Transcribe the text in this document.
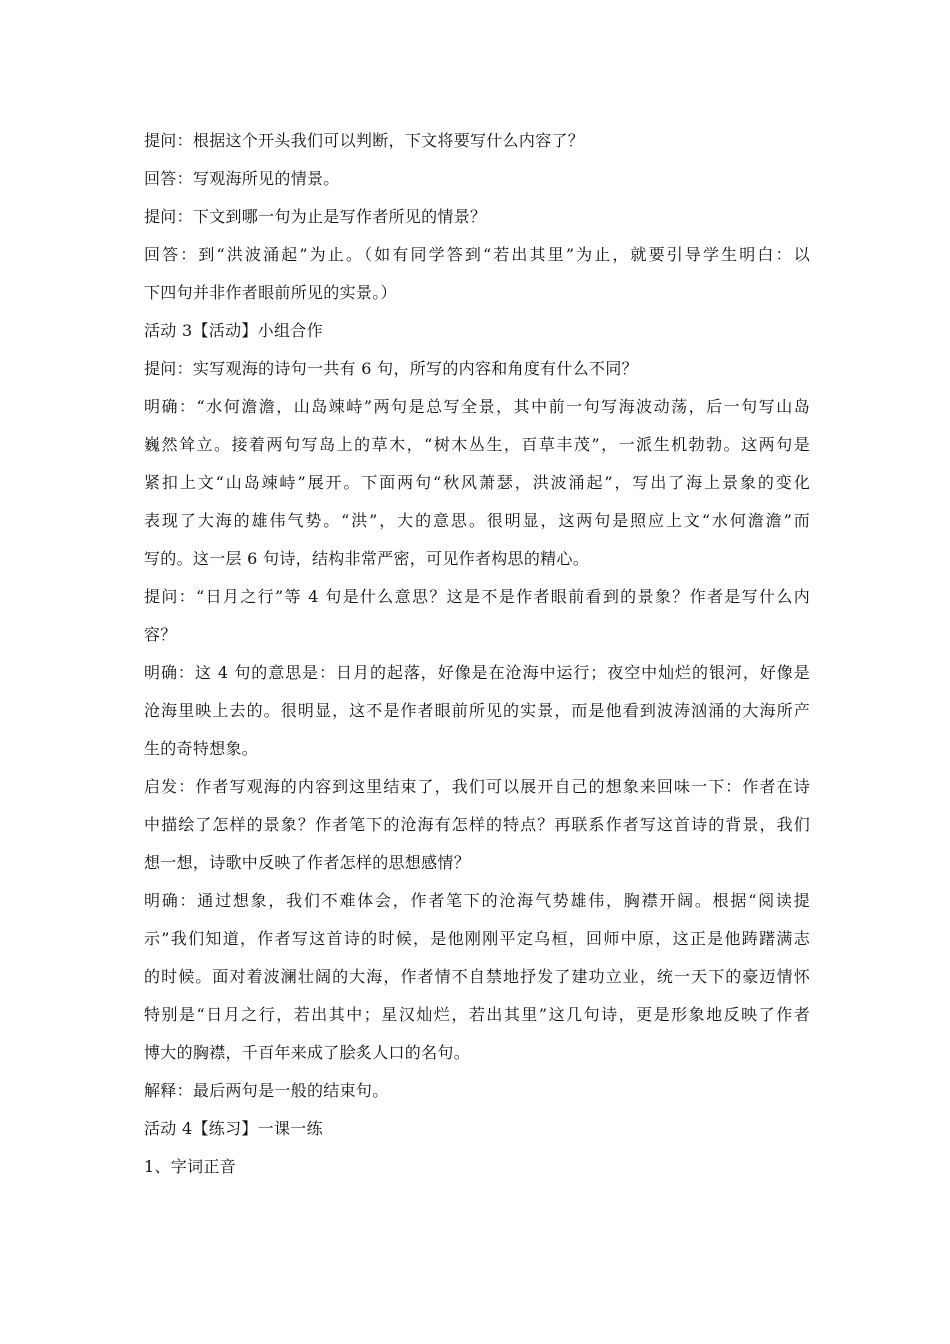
提问：根据这个开头我们可以判断，下文将要写什么内容了？
回答：写观海所见的情景。
提问：下文到哪一句为止是写作者所见的情景？
回答：到“洪波涌起”为止。（如有同学答到“若出其里”为止，就要引导学生明白：以
下四句并非作者眼前所见的实景。）
活动 3【活动】小组合作
提问：实写观海的诗句一共有 6 句，所写的内容和角度有什么不同？
明确：“水何澹澹，山岛竦峙”两句是总写全景，其中前一句写海波动荡，后一句写山岛
巍然耸立。接着两句写岛上的草木，“树木丛生，百草丰茂”，一派生机勃勃。这两句是
紧扣上文“山岛竦峙”展开。下面两句“秋风萧瑟，洪波涌起”，写出了海上景象的变化
表现了大海的雄伟气势。“洪”，大的意思。很明显，这两句是照应上文“水何澹澹”而
写的。这一层 6 句诗，结构非常严密，可见作者构思的精心。
提问：“日月之行”等 4 句是什么意思？这是不是作者眼前看到的景象？作者是写什么内
容？
明确：这 4 句的意思是：日月的起落，好像是在沧海中运行；夜空中灿烂的银河，好像是
沧海里映上去的。很明显，这不是作者眼前所见的实景，而是他看到波涛汹涌的大海所产
生的奇特想象。
启发：作者写观海的内容到这里结束了，我们可以展开自己的想象来回味一下：作者在诗
中描绘了怎样的景象？作者笔下的沧海有怎样的特点？再联系作者写这首诗的背景，我们
想一想，诗歌中反映了作者怎样的思想感情？
明确：通过想象，我们不难体会，作者笔下的沧海气势雄伟，胸襟开阔。根据“阅读提
示”我们知道，作者写这首诗的时候，是他刚刚平定乌桓，回师中原，这正是他踌躇满志
的时候。面对着波澜壮阔的大海，作者情不自禁地抒发了建功立业，统一天下的豪迈情怀
特别是“日月之行，若出其中；星汉灿烂，若出其里”这几句诗，更是形象地反映了作者
博大的胸襟，千百年来成了脍炙人口的名句。
解释：最后两句是一般的结束句。
活动 4【练习】一课一练
1、字词正音
